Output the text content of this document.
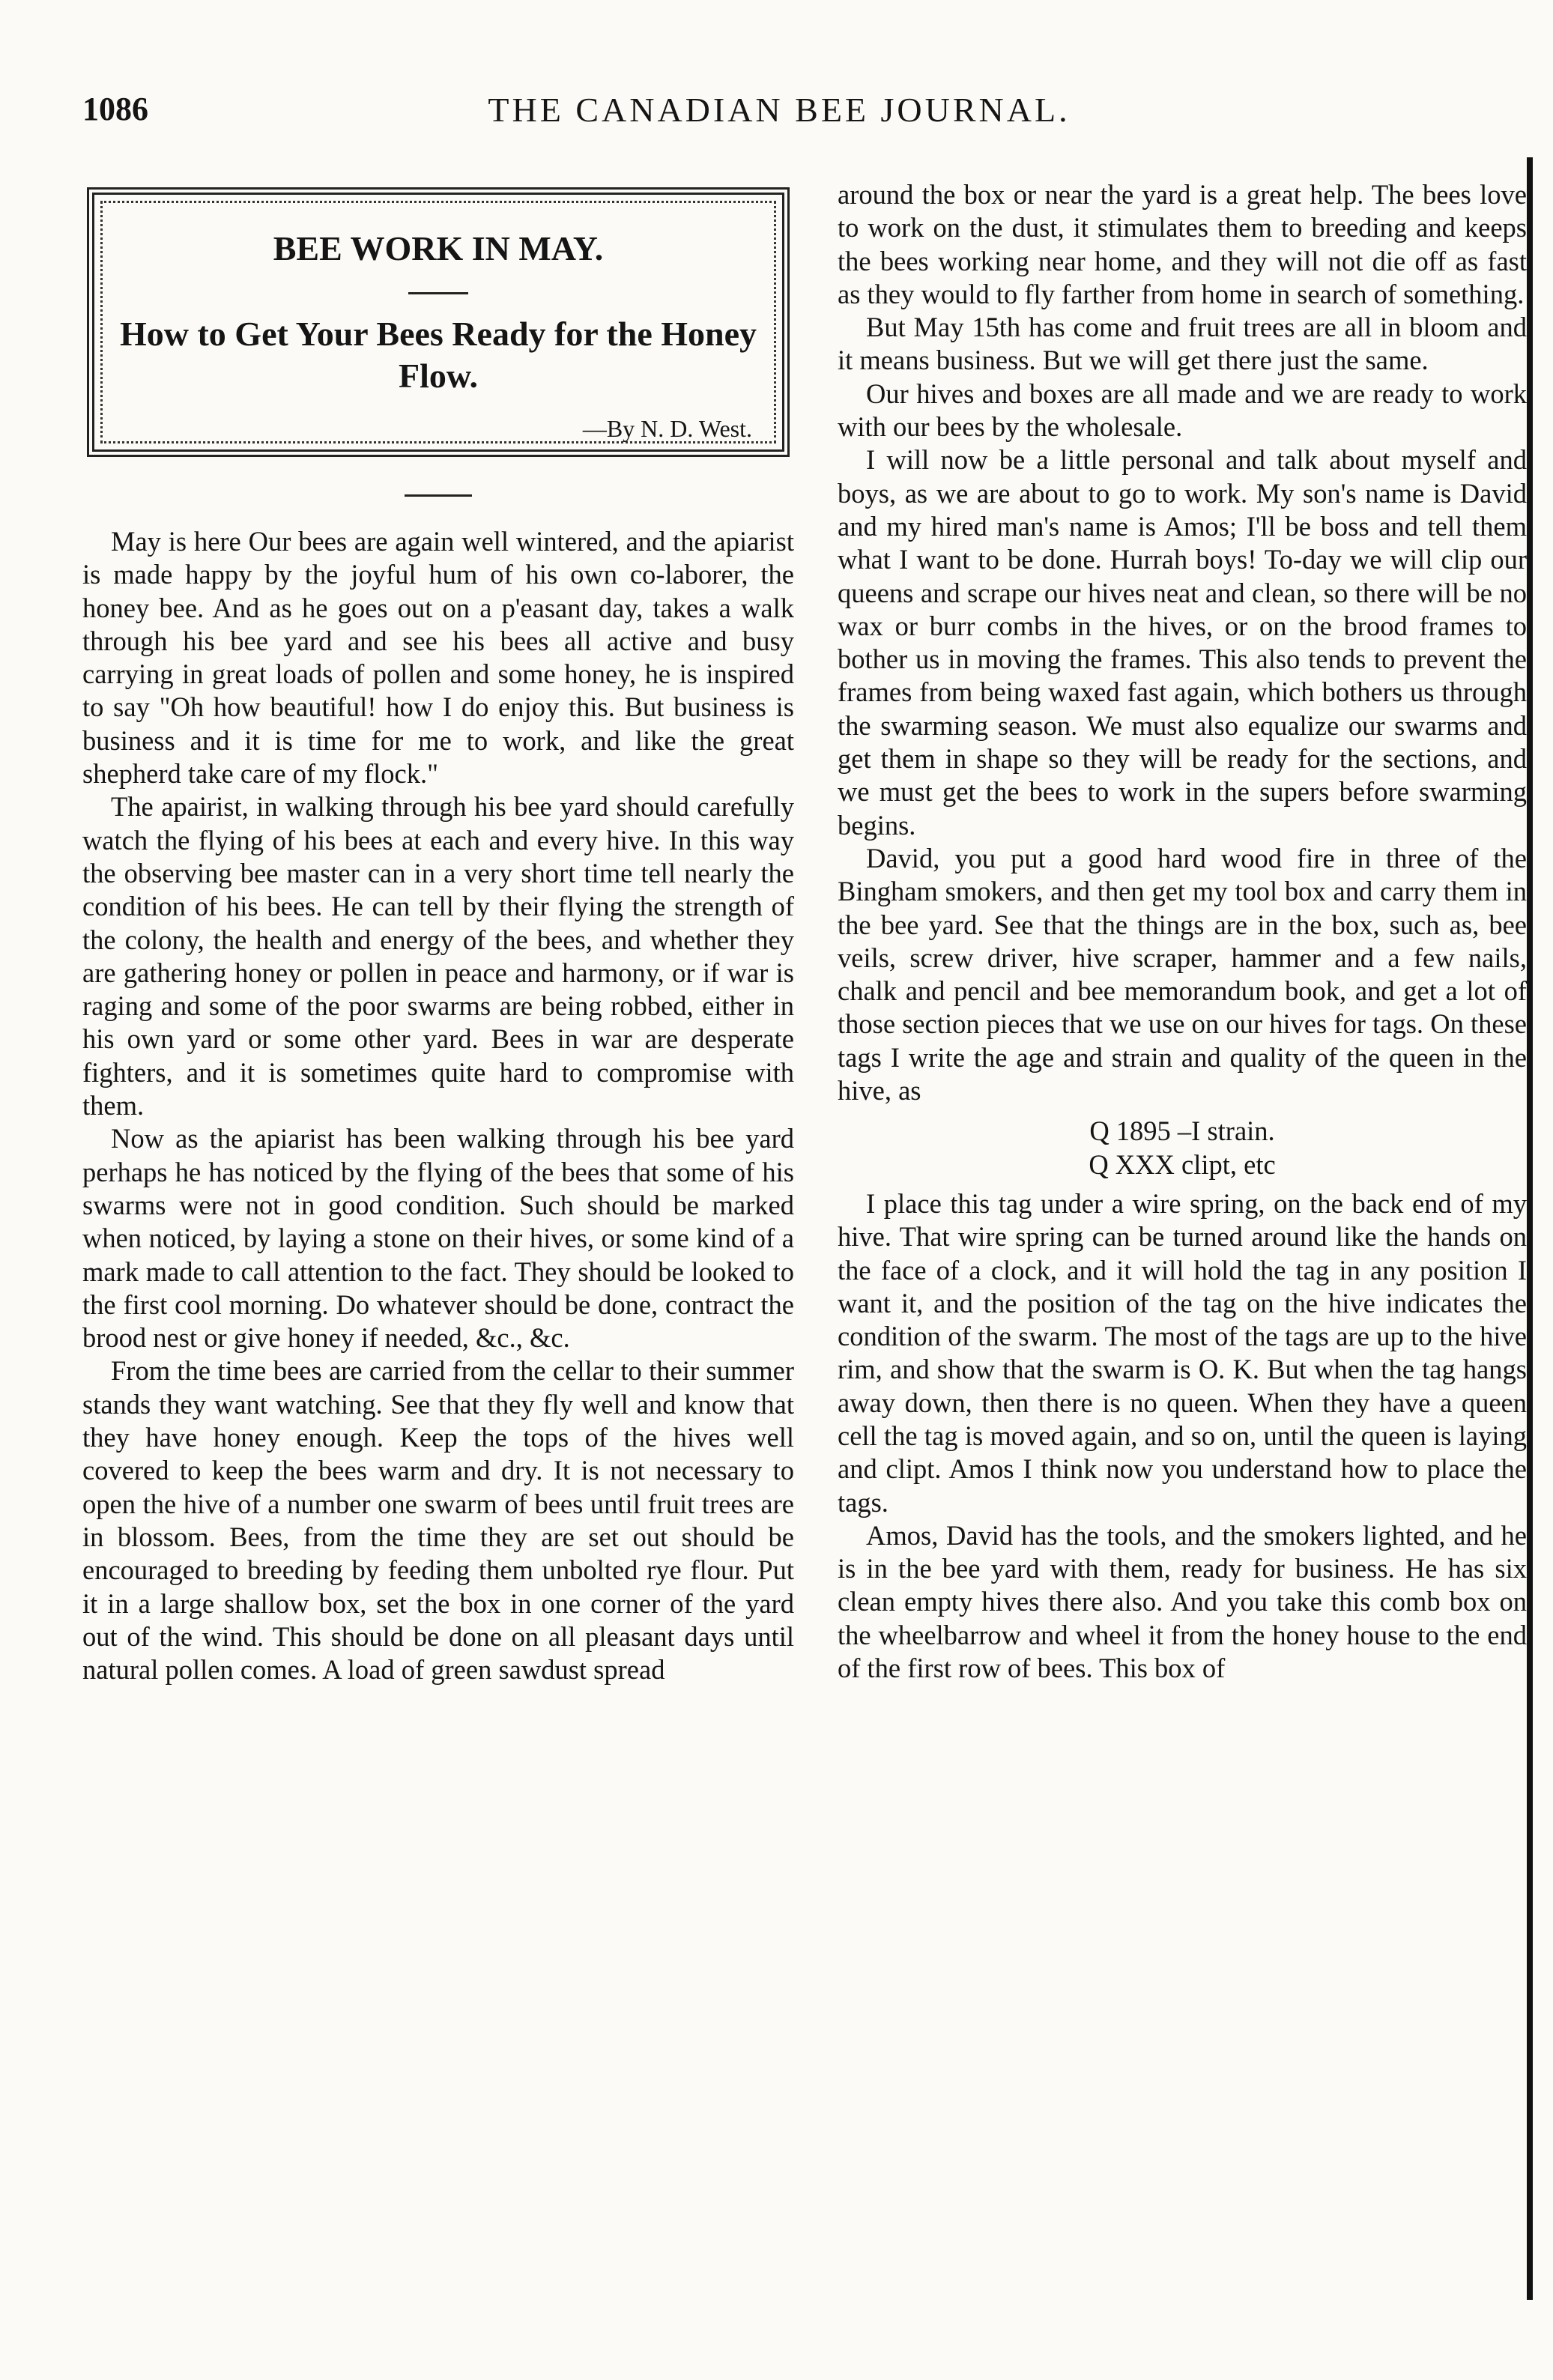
1086	THE CANADIAN BEE JOURNAL.
BEE WORK IN MAY.
How to Get Your Bees Ready for the Honey Flow.
—By N. D. West.

May is here Our bees are again well wintered, and the apiarist is made happy by the joyful hum of his own co-laborer, the honey bee. And as he goes out on a p'easant day, takes a walk through his bee yard and see his bees all active and busy carrying in great loads of pollen and some honey, he is inspired to say "Oh how beautiful! how I do enjoy this. But business is business and it is time for me to work, and like the great shepherd take care of my flock."

The apairist, in walking through his bee yard should carefully watch the flying of his bees at each and every hive. In this way the observing bee master can in a very short time tell nearly the condition of his bees. He can tell by their flying the strength of the colony, the health and energy of the bees, and whether they are gathering honey or pollen in peace and harmony, or if war is raging and some of the poor swarms are being robbed, either in his own yard or some other yard. Bees in war are desperate fighters, and it is sometimes quite hard to compromise with them.

Now as the apiarist has been walking through his bee yard perhaps he has noticed by the flying of the bees that some of his swarms were not in good condition. Such should be marked when noticed, by laying a stone on their hives, or some kind of a mark made to call attention to the fact. They should be looked to the first cool morning. Do whatever should be done, contract the brood nest or give honey if needed, &c., &c.

From the time bees are carried from the cellar to their summer stands they want watching. See that they fly well and know that they have honey enough. Keep the tops of the hives well covered to keep the bees warm and dry. It is not necessary to open the hive of a number one swarm of bees until fruit trees are in blossom. Bees, from the time they are set out should be encouraged to breeding by feeding them unbolted rye flour. Put it in a large shallow box, set the box in one corner of the yard out of the wind. This should be done on all pleasant days until natural pollen comes. A load of green sawdust spread

around the box or near the yard is a great help. The bees love to work on the dust, it stimulates them to breeding and keeps the bees working near home, and they will not die off as fast as they would to fly farther from home in search of something.

But May 15th has come and fruit trees are all in bloom and it means business. But we will get there just the same.

Our hives and boxes are all made and we are ready to work with our bees by the wholesale.

I will now be a little personal and talk about myself and boys, as we are about to go to work. My son's name is David and my hired man's name is Amos; I'll be boss and tell them what I want to be done. Hurrah boys! To-day we will clip our queens and scrape our hives neat and clean, so there will be no wax or burr combs in the hives, or on the brood frames to bother us in moving the frames. This also tends to prevent the frames from being waxed fast again, which bothers us through the swarming season. We must also equalize our swarms and get them in shape so they will be ready for the sections, and we must get the bees to work in the supers before swarming begins.

David, you put a good hard wood fire in three of the Bingham smokers, and then get my tool box and carry them in the bee yard. See that the things are in the box, such as, bee veils, screw driver, hive scraper, hammer and a few nails, chalk and pencil and bee memorandum book, and get a lot of those section pieces that we use on our hives for tags. On these tags I write the age and strain and quality of the queen in the hive, as

Q 1895 –I strain.
Q XXX clipt, etc

I place this tag under a wire spring, on the back end of my hive. That wire spring can be turned around like the hands on the face of a clock, and it will hold the tag in any position I want it, and the position of the tag on the hive indicates the condition of the swarm. The most of the tags are up to the hive rim, and show that the swarm is O. K. But when the tag hangs away down, then there is no queen. When they have a queen cell the tag is moved again, and so on, until the queen is laying and clipt. Amos I think now you understand how to place the tags.

Amos, David has the tools, and the smokers lighted, and he is in the bee yard with them, ready for business. He has six clean empty hives there also. And you take this comb box on the wheelbarrow and wheel it from the honey house to the end of the first row of bees. This box of
